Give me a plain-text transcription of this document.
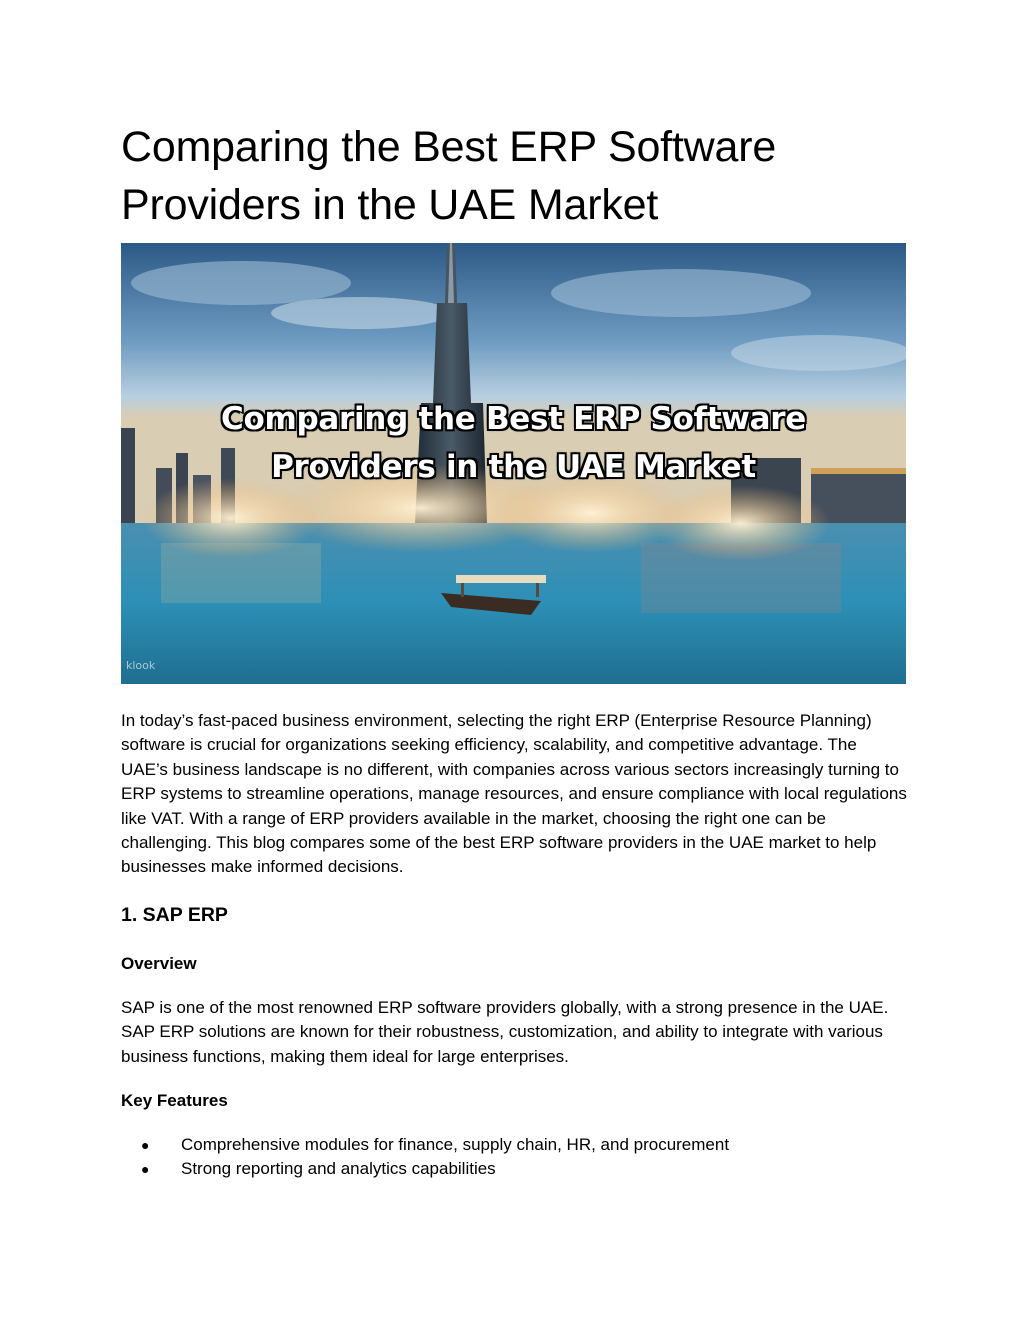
Comparing the Best ERP Software Providers in the UAE Market
Comparing the Best ERP Software
Providers in the UAE Market
klook

In today’s fast-paced business environment, selecting the right ERP (Enterprise Resource Planning) software is crucial for organizations seeking efficiency, scalability, and competitive advantage. The UAE’s business landscape is no different, with companies across various sectors increasingly turning to ERP systems to streamline operations, manage resources, and ensure compliance with local regulations like VAT. With a range of ERP providers available in the market, choosing the right one can be challenging. This blog compares some of the best ERP software providers in the UAE market to help businesses make informed decisions.

1. SAP ERP
Overview

SAP is one of the most renowned ERP software providers globally, with a strong presence in the UAE. SAP ERP solutions are known for their robustness, customization, and ability to integrate with various business functions, making them ideal for large enterprises.

Key Features
● Comprehensive modules for finance, supply chain, HR, and procurement
● Strong reporting and analytics capabilities
